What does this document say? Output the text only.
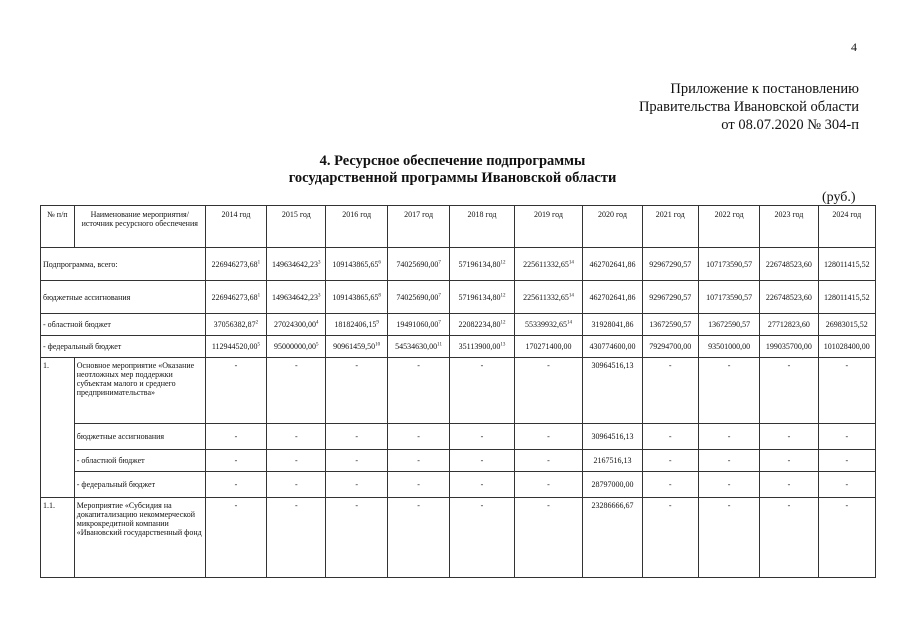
4
Приложение к постановлению
Правительства Ивановской области
от 08.07.2020 № 304-п
4. Ресурсное обеспечение подпрограммы
государственной программы Ивановской области
(руб.)
№ п/п	Наименование мероприятия/источник ресурсного обеспечения	2014 год	2015 год	2016 год	2017 год	2018 год	2019 год	2020 год	2021 год	2022 год	2023 год	2024 год
Подпрограмма, всего:		226946273,68$^1$	149634642,23$^3$	109143865,65$^6$	74025690,00$^7$	57196134,80$^{12}$	225611332,65$^{14}$	462702641,86	92967290,57	107173590,57	226748523,60	128011415,52
бюджетные ассигнования		226946273,68$^1$	149634642,23$^3$	109143865,65$^8$	74025690,00$^7$	57196134,80$^{12}$	225611332,65$^{14}$	462702641,86	92967290,57	107173590,57	226748523,60	128011415,52
- областной бюджет		37056382,87$^2$	27024300,00$^4$	18182406,15$^9$	19491060,00$^7$	22082234,80$^{12}$	55339932,65$^{14}$	31928041,86	13672590,57	13672590,57	27712823,60	26983015,52
- федеральный бюджет		112944520,00$^5$	95000000,00$^5$	90961459,50$^{10}$	54534630,00$^{11}$	35113900,00$^{13}$	170271400,00	430774600,00	79294700,00	93501000,00	199035700,00	101028400,00
1.	Основное мероприятие «Оказание неотложных мер поддержки субъектам малого и среднего предпринимательства»	-	-	-	-	-	-	30964516,13	-	-	-	-
	бюджетные ассигнования	-	-	-	-	-	-	30964516,13	-	-	-	-
	- областной бюджет	-	-	-	-	-	-	2167516,13	-	-	-	-
	- федеральный бюджет	-	-	-	-	-	-	28797000,00	-	-	-	-
1.1.	Мероприятие «Субсидия на докапитализацию некоммерческой микрокредитной компании «Ивановский государственный фонд	-	-	-	-	-	-	23286666,67	-	-	-	-
